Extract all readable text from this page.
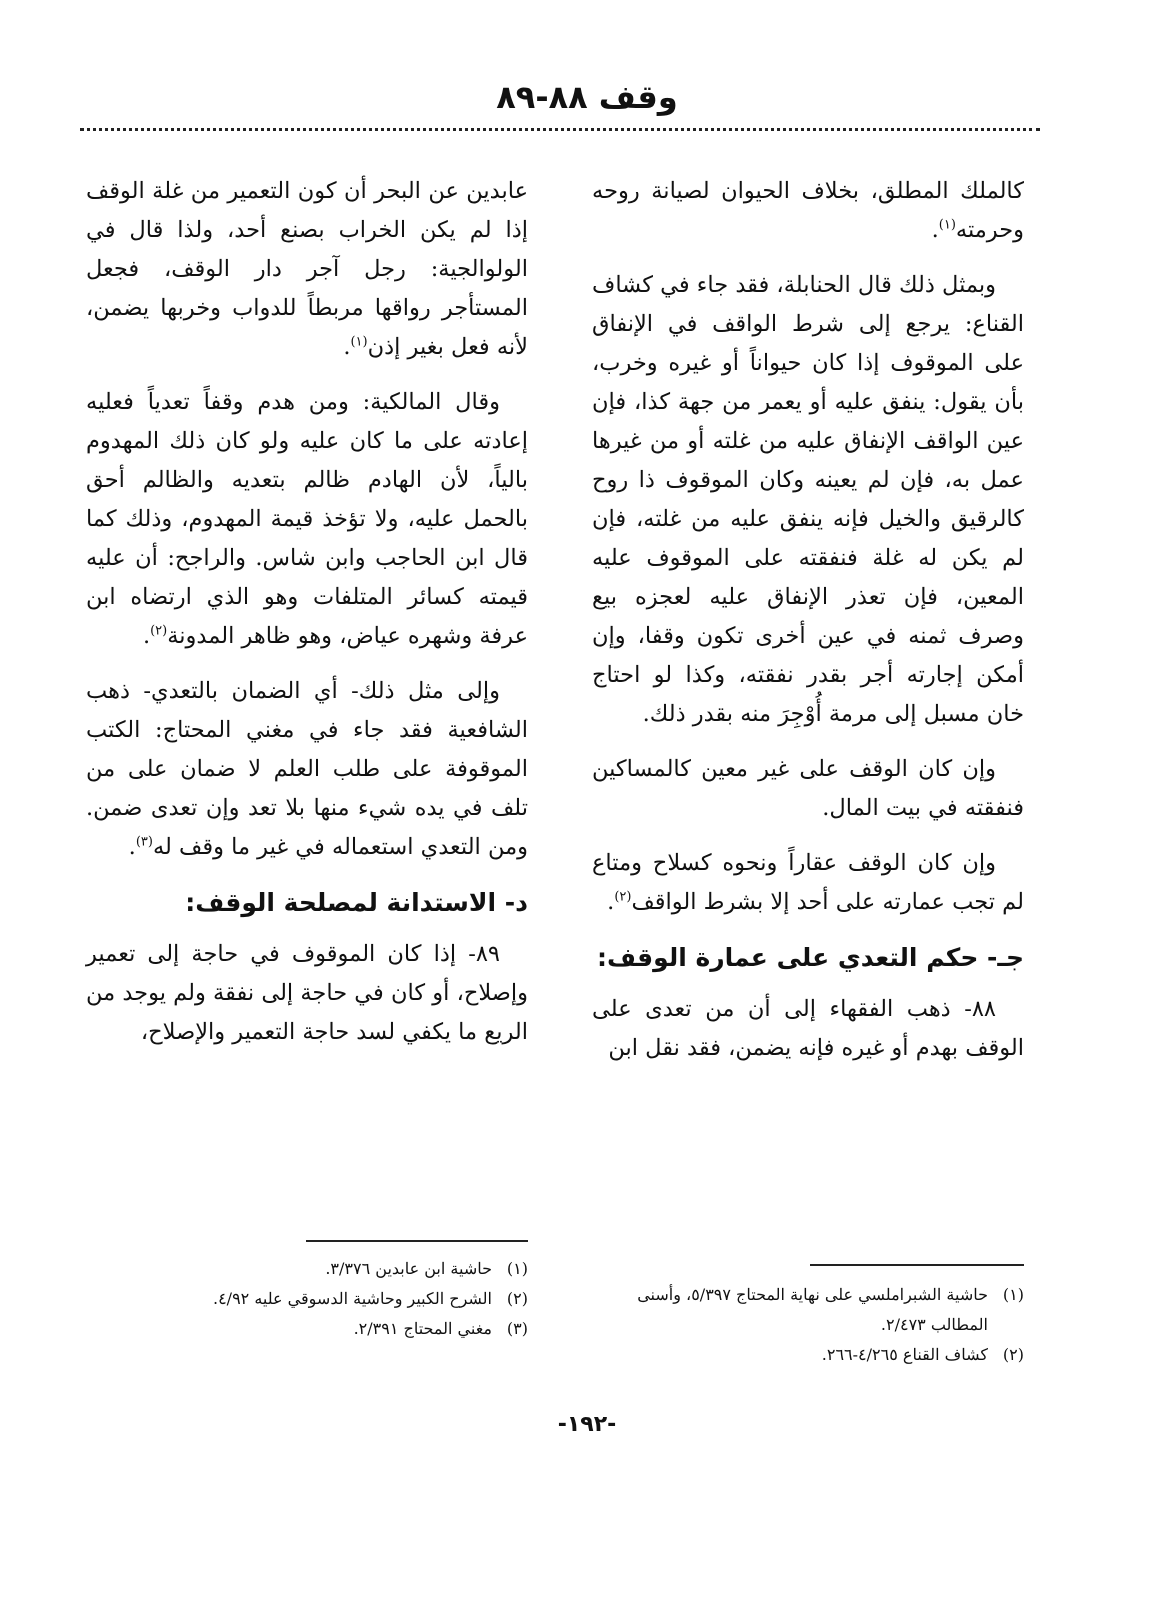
وقف ٨٨-٨٩

كالملك المطلق، بخلاف الحيوان لصيانة روحه وحرمته$^{(١)}$.

وبمثل ذلك قال الحنابلة، فقد جاء في كشاف القناع: يرجع إلى شرط الواقف في الإنفاق على الموقوف إذا كان حيواناً أو غيره وخرب، بأن يقول: ينفق عليه أو يعمر من جهة كذا، فإن عين الواقف الإنفاق عليه من غلته أو من غيرها عمل به، فإن لم يعينه وكان الموقوف ذا روح كالرقيق والخيل فإنه ينفق عليه من غلته، فإن لم يكن له غلة فنفقته على الموقوف عليه المعين، فإن تعذر الإنفاق عليه لعجزه بيع وصرف ثمنه في عين أخرى تكون وقفا، وإن أمكن إجارته أجر بقدر نفقته، وكذا لو احتاج خان مسبل إلى مرمة أُوْجِرَ منه بقدر ذلك.

وإن كان الوقف على غير معين كالمساكين فنفقته في بيت المال.

وإن كان الوقف عقاراً ونحوه كسلاح ومتاع لم تجب عمارته على أحد إلا بشرط الواقف$^{(٢)}$.

جـ- حكم التعدي على عمارة الوقف:

٨٨- ذهب الفقهاء إلى أن من تعدى على الوقف بهدم أو غيره فإنه يضمن، فقد نقل ابن

عابدين عن البحر أن كون التعمير من غلة الوقف إذا لم يكن الخراب بصنع أحد، ولذا قال في الولوالجية: رجل آجر دار الوقف، فجعل المستأجر رواقها مربطاً للدواب وخربها يضمن، لأنه فعل بغير إذن$^{(١)}$.

وقال المالكية: ومن هدم وقفاً تعدياً فعليه إعادته على ما كان عليه ولو كان ذلك المهدوم بالياً، لأن الهادم ظالم بتعديه والظالم أحق بالحمل عليه، ولا تؤخذ قيمة المهدوم، وذلك كما قال ابن الحاجب وابن شاس. والراجح: أن عليه قيمته كسائر المتلفات وهو الذي ارتضاه ابن عرفة وشهره عياض، وهو ظاهر المدونة$^{(٢)}$.

وإلى مثل ذلك- أي الضمان بالتعدي- ذهب الشافعية فقد جاء في مغني المحتاج: الكتب الموقوفة على طلب العلم لا ضمان على من تلف في يده شيء منها بلا تعد وإن تعدى ضمن. ومن التعدي استعماله في غير ما وقف له$^{(٣)}$.

د- الاستدانة لمصلحة الوقف:

٨٩- إذا كان الموقوف في حاجة إلى تعمير وإصلاح، أو كان في حاجة إلى نفقة ولم يوجد من الريع ما يكفي لسد حاجة التعمير والإصلاح،

(١)حاشية الشبراملسي على نهاية المحتاج ٥/٣٩٧، وأسنى المطالب ٢/٤٧٣.

(٢)كشاف القناع ٤/٢٦٥-٢٦٦.

(١)حاشية ابن عابدين ٣/٣٧٦.

(٢)الشرح الكبير وحاشية الدسوقي عليه ٤/٩٢.

(٣)مغني المحتاج ٢/٣٩١.

-١٩٢-
